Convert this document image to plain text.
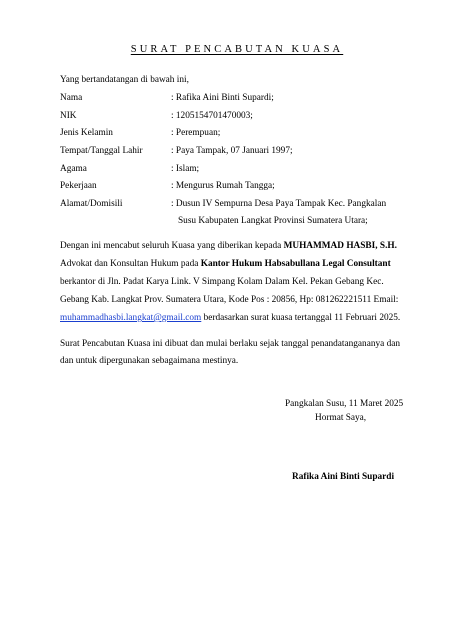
SURAT PENCABUTAN KUASA
Yang bertandatangan di bawah ini,
Nama	: Rafika Aini Binti Supardi;
NIK	: 1205154701470003;
Jenis Kelamin	: Perempuan;
Tempat/Tanggal Lahir	: Paya Tampak, 07 Januari 1997;
Agama	: Islam;
Pekerjaan	: Mengurus Rumah Tangga;
Alamat/Domisili	: Dusun IV Sempurna Desa Paya Tampak Kec. Pangkalan
Susu Kabupaten Langkat Provinsi Sumatera Utara;
Dengan ini mencabut seluruh Kuasa yang diberikan kepada MUHAMMAD HASBI, S.H.
Advokat dan Konsultan Hukum pada Kantor Hukum Habsabullana Legal Consultant
berkantor di Jln. Padat Karya Link. V Simpang Kolam Dalam Kel. Pekan Gebang Kec.
Gebang Kab. Langkat Prov. Sumatera Utara, Kode Pos : 20856, Hp: 081262221511 Email:
muhammadhasbi.langkat@gmail.com berdasarkan surat kuasa tertanggal 11 Februari 2025.
Surat Pencabutan Kuasa ini dibuat dan mulai berlaku sejak tanggal penandatangananya dan
dan untuk dipergunakan sebagaimana mestinya.
Pangkalan Susu, 11 Maret 2025
Hormat Saya,
Rafika Aini Binti Supardi
